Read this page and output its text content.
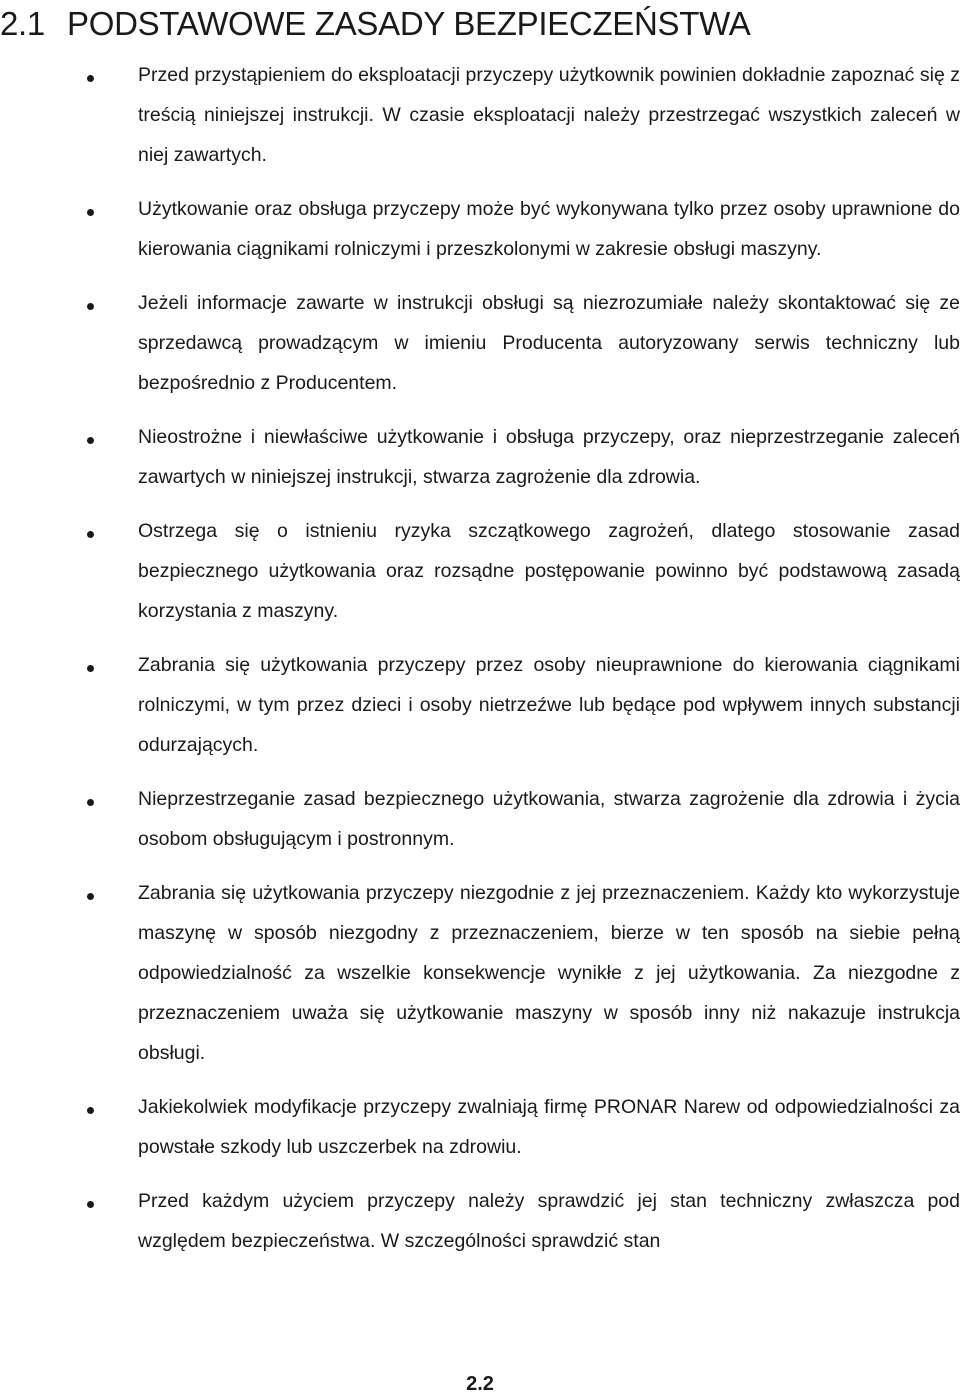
2.1 PODSTAWOWE ZASADY BEZPIECZEŃSTWA
Przed przystąpieniem do eksploatacji przyczepy użytkownik powinien dokładnie zapoznać się z treścią niniejszej instrukcji. W czasie eksploatacji należy przestrzegać wszystkich zaleceń w niej zawartych.
Użytkowanie oraz obsługa przyczepy może być wykonywana tylko przez osoby uprawnione do kierowania ciągnikami rolniczymi i przeszkolonymi w zakresie obsługi maszyny.
Jeżeli informacje zawarte w instrukcji obsługi są niezrozumiałe należy skontaktować się ze sprzedawcą prowadzącym w imieniu Producenta autoryzowany serwis techniczny lub bezpośrednio z Producentem.
Nieostrożne i niewłaściwe użytkowanie i obsługa przyczepy, oraz nieprzestrzeganie zaleceń zawartych w niniejszej instrukcji, stwarza zagrożenie dla zdrowia.
Ostrzega się o istnieniu ryzyka szczątkowego zagrożeń, dlatego stosowanie zasad bezpiecznego użytkowania oraz rozsądne postępowanie powinno być podstawową zasadą korzystania z maszyny.
Zabrania się użytkowania przyczepy przez osoby nieuprawnione do kierowania ciągnikami rolniczymi, w tym przez dzieci i osoby nietrzeźwe lub będące pod wpływem innych substancji odurzających.
Nieprzestrzeganie zasad bezpiecznego użytkowania, stwarza zagrożenie dla zdrowia i życia osobom obsługującym i postronnym.
Zabrania się użytkowania przyczepy niezgodnie z jej przeznaczeniem. Każdy kto wykorzystuje maszynę w sposób niezgodny z przeznaczeniem, bierze w ten sposób na siebie pełną odpowiedzialność za wszelkie konsekwencje wynikłe z jej użytkowania. Za niezgodne z przeznaczeniem uważa się użytkowanie maszyny w sposób inny niż nakazuje instrukcja obsługi.
Jakiekolwiek modyfikacje przyczepy zwalniają firmę PRONAR Narew od odpowiedzialności za powstałe szkody lub uszczerbek na zdrowiu.
Przed każdym użyciem przyczepy należy sprawdzić jej stan techniczny zwłaszcza pod względem bezpieczeństwa. W szczególności sprawdzić stan
2.2
